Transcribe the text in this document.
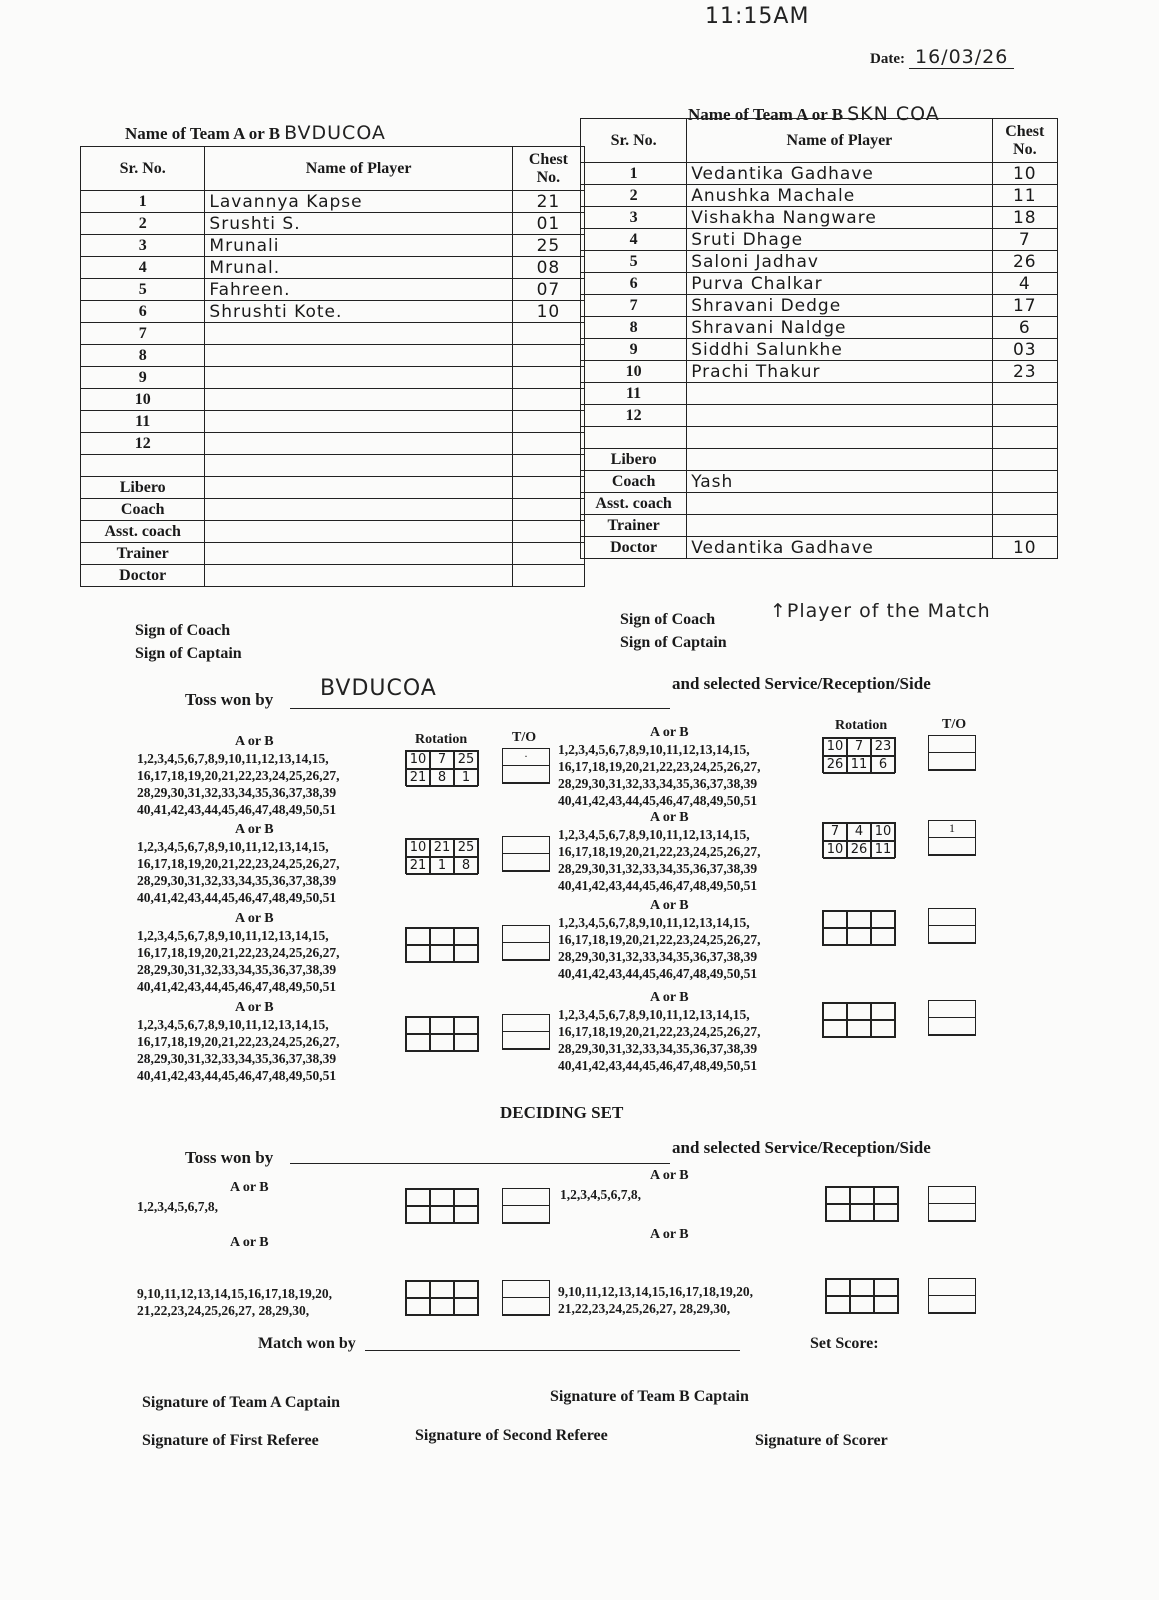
11:15AM
Date: 16/03/26
Name of Team A or B BVDUCOA
Name of Team A or B SKN COA
Sr. No.	Name of Player	Chest No.
1	Lavannya Kapse	21
2	Srushti S.	01
3	Mrunali	25
4	Mrunal.	08
5	Fahreen.	07
6	Shrushti Kote.	10
7		
8		
9		
10		
11		
12		

Libero		
Coach		
Asst. coach		
Trainer		
Doctor		
Sr. No.	Name of Player	Chest No.
1	Vedantika Gadhave	10
2	Anushka Machale	11
3	Vishakha Nangware	18
4	Sruti Dhage	7
5	Saloni Jadhav	26
6	Purva Chalkar	4
7	Shravani Dedge	17
8	Shravani Naldge	6
9	Siddhi Salunkhe	03
10	Prachi Thakur	23
11		
12		

Libero		
Coach	Yash	
Asst. coach		
Trainer		
Doctor	Vedantika Gadhave	10
Sign of Coach
Sign of Captain
Sign of Coach
Sign of Captain
↑Player of the Match
Toss won by BVDUCOA	and selected Service/Reception/Side
Rotation	T/O
Rotation	T/O
A or B
1,2,3,4,5,6,7,8,9,10,11,12,13,14,15,
16,17,18,19,20,21,22,23,24,25,26,27,
28,29,30,31,32,33,34,35,36,37,38,39
40,41,42,43,44,45,46,47,48,49,50,51
10 7 25
21 8	1
·
A or B
1,2,3,4,5,6,7,8,9,10,11,12,13,14,15,
16,17,18,19,20,21,22,23,24,25,26,27,
28,29,30,31,32,33,34,35,36,37,38,39
40,41,42,43,44,45,46,47,48,49,50,51
10 7 23
26 11 6
A or B
1,2,3,4,5,6,7,8,9,10,11,12,13,14,15,
16,17,18,19,20,21,22,23,24,25,26,27,
28,29,30,31,32,33,34,35,36,37,38,39
40,41,42,43,44,45,46,47,48,49,50,51
10 21 25
21 1	8
A or B
1,2,3,4,5,6,7,8,9,10,11,12,13,14,15,
16,17,18,19,20,21,22,23,24,25,26,27,
28,29,30,31,32,33,34,35,36,37,38,39
40,41,42,43,44,45,46,47,48,49,50,51
7	4 10
10 26 11
1
A or B
1,2,3,4,5,6,7,8,9,10,11,12,13,14,15,
16,17,18,19,20,21,22,23,24,25,26,27,
28,29,30,31,32,33,34,35,36,37,38,39
40,41,42,43,44,45,46,47,48,49,50,51
A or B
1,2,3,4,5,6,7,8,9,10,11,12,13,14,15,
16,17,18,19,20,21,22,23,24,25,26,27,
28,29,30,31,32,33,34,35,36,37,38,39
40,41,42,43,44,45,46,47,48,49,50,51
A or B
1,2,3,4,5,6,7,8,9,10,11,12,13,14,15,
16,17,18,19,20,21,22,23,24,25,26,27,
28,29,30,31,32,33,34,35,36,37,38,39
40,41,42,43,44,45,46,47,48,49,50,51
A or B
1,2,3,4,5,6,7,8,9,10,11,12,13,14,15,
16,17,18,19,20,21,22,23,24,25,26,27,
28,29,30,31,32,33,34,35,36,37,38,39
40,41,42,43,44,45,46,47,48,49,50,51
DECIDING SET
Toss won by
and selected Service/Reception/Side
A or B
1,2,3,4,5,6,7,8,
A or B
9,10,11,12,13,14,15,16,17,18,19,20,
21,22,23,24,25,26,27, 28,29,30,
A or B
1,2,3,4,5,6,7,8,
A or B
9,10,11,12,13,14,15,16,17,18,19,20,
21,22,23,24,25,26,27, 28,29,30,
Match won by	Set Score:
Signature of Team A Captain	Signature of Team B Captain
Signature of First Referee	Signature of Second Referee	Signature of Scorer
